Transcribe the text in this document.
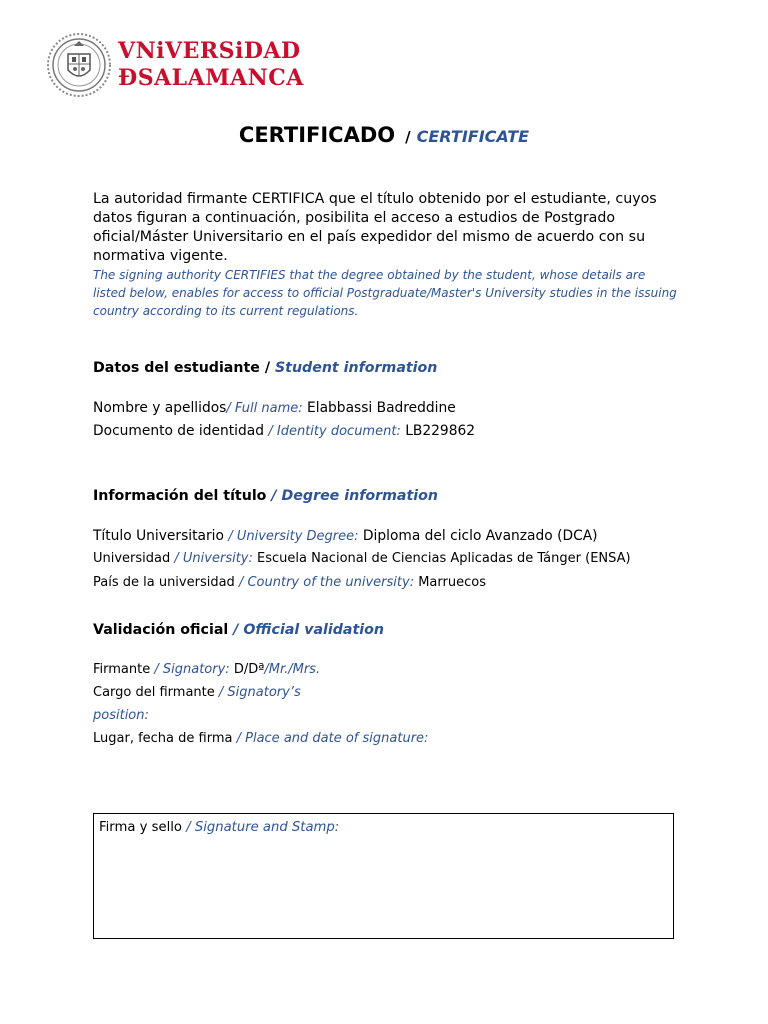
VNiVERSiDAD
ÐSALAMANCA
CERTIFICADO / CERTIFICATE
La autoridad firmante CERTIFICA que el título obtenido por el estudiante, cuyos datos figuran a continuación, posibilita el acceso a estudios de Postgrado oficial/Máster Universitario en el país expedidor del mismo de acuerdo con su normativa vigente.
The signing authority CERTIFIES that the degree obtained by the student, whose details are listed below, enables for access to official Postgraduate/Master's University studies in the issuing country according to its current regulations.
Datos del estudiante / Student information
Nombre y apellidos/ Full name: Elabbassi Badreddine
Documento de identidad / Identity document: LB229862
Información del título / Degree information
Título Universitario / University Degree: Diploma del ciclo Avanzado (DCA)
Universidad / University: Escuela Nacional de Ciencias Aplicadas de Tánger (ENSA)
País de la universidad / Country of the university: Marruecos
Validación oficial / Official validation
Firmante / Signatory: D/Dª/Mr./Mrs.
Cargo del firmante / Signatory’s
position:
Lugar, fecha de firma / Place and date of signature:
Firma y sello / Signature and Stamp:
